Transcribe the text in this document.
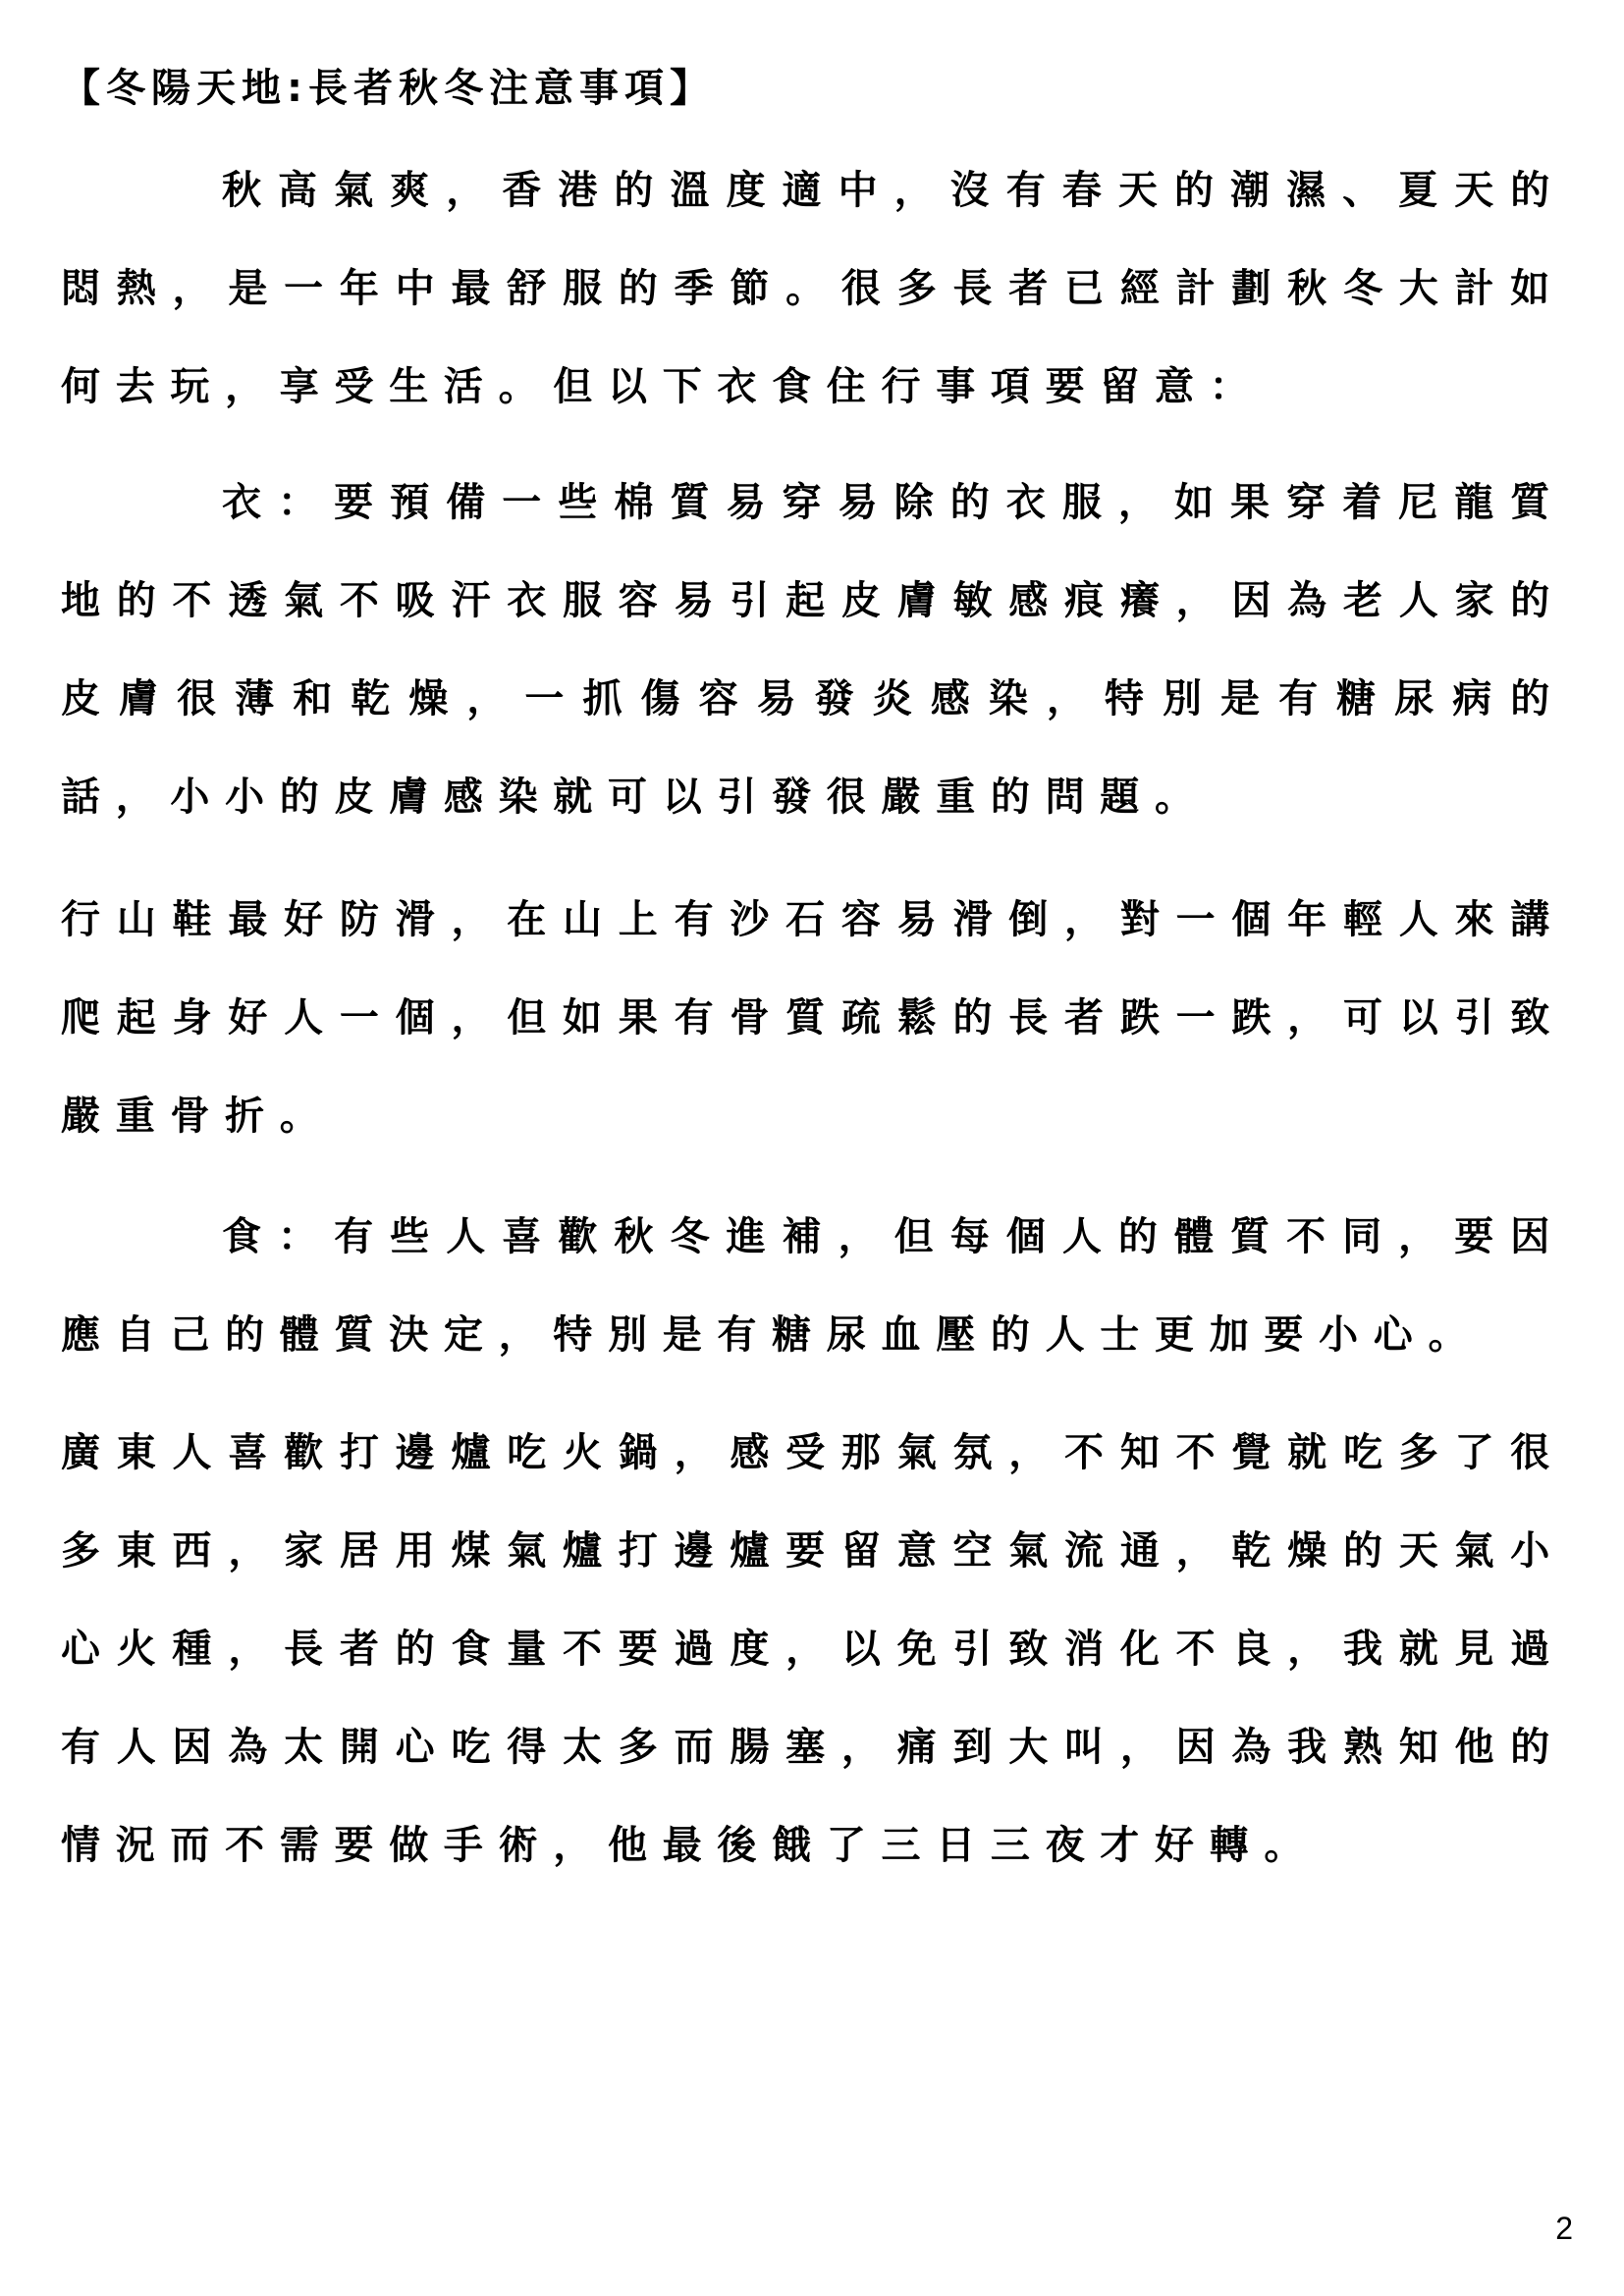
【冬陽天地:長者秋冬注意事項】

秋高氣爽，香港的溫度適中，沒有春天的潮濕、夏天的悶熱，是一年中最舒服的季節。很多長者已經計劃秋冬大計如何去玩，享受生活。但以下衣食住行事項要留意：

衣：要預備一些棉質易穿易除的衣服，如果穿着尼龍質地的不透氣不吸汗衣服容易引起皮膚敏感痕癢，因為老人家的皮膚很薄和乾燥，一抓傷容易發炎感染，特別是有糖尿病的話，小小的皮膚感染就可以引發很嚴重的問題。

行山鞋最好防滑，在山上有沙石容易滑倒，對一個年輕人來講爬起身好人一個，但如果有骨質疏鬆的長者跌一跌，可以引致嚴重骨折。

食：有些人喜歡秋冬進補，但每個人的體質不同，要因應自己的體質決定，特別是有糖尿血壓的人士更加要小心。

廣東人喜歡打邊爐吃火鍋，感受那氣氛，不知不覺就吃多了很多東西，家居用煤氣爐打邊爐要留意空氣流通，乾燥的天氣小心火種，長者的食量不要過度，以免引致消化不良，我就見過有人因為太開心吃得太多而腸塞，痛到大叫，因為我熟知他的情況而不需要做手術，他最後餓了三日三夜才好轉。

2
